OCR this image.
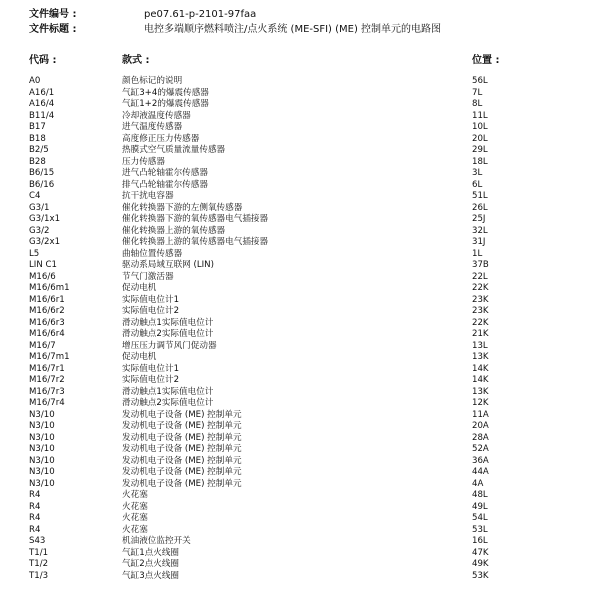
文件编号 :	pe07.61-p-2101-97faa
文件标题 :	电控多端顺序燃料喷注/点火系统 (ME-SFI) (ME) 控制单元的电路图
代码 :	款式 :	位置 :
A0	颜色标记的说明	56L
A16/1	气缸3+4的爆震传感器	7L
A16/4	气缸1+2的爆震传感器	8L
B11/4	冷却液温度传感器	11L
B17	进气温度传感器	10L
B18	高度修正压力传感器	20L
B2/5	热膜式空气质量流量传感器	29L
B28	压力传感器	18L
B6/15	进气凸轮轴霍尔传感器	3L
B6/16	排气凸轮轴霍尔传感器	6L
C4	抗干扰电容器	51L
G3/1	催化转换器下游的左侧氧传感器	26L
G3/1x1	催化转换器下游的氧传感器电气插接器	25J
G3/2	催化转换器上游的氧传感器	32L
G3/2x1	催化转换器上游的氧传感器电气插接器	31J
L5	曲轴位置传感器	1L
LIN C1	驱动系局域互联网 (LIN)	37B
M16/6	节气门激活器	22L
M16/6m1	促动电机	22K
M16/6r1	实际值电位计1	23K
M16/6r2	实际值电位计2	23K
M16/6r3	滑动触点1实际值电位计	22K
M16/6r4	滑动触点2实际值电位计	21K
M16/7	增压压力调节风门促动器	13L
M16/7m1	促动电机	13K
M16/7r1	实际值电位计1	14K
M16/7r2	实际值电位计2	14K
M16/7r3	滑动触点1实际值电位计	13K
M16/7r4	滑动触点2实际值电位计	12K
N3/10	发动机电子设备 (ME) 控制单元	11A
N3/10	发动机电子设备 (ME) 控制单元	20A
N3/10	发动机电子设备 (ME) 控制单元	28A
N3/10	发动机电子设备 (ME) 控制单元	52A
N3/10	发动机电子设备 (ME) 控制单元	36A
N3/10	发动机电子设备 (ME) 控制单元	44A
N3/10	发动机电子设备 (ME) 控制单元	4A
R4	火花塞	48L
R4	火花塞	49L
R4	火花塞	54L
R4	火花塞	53L
S43	机油液位监控开关	16L
T1/1	气缸1点火线圈	47K
T1/2	气缸2点火线圈	49K
T1/3	气缸3点火线圈	53K
